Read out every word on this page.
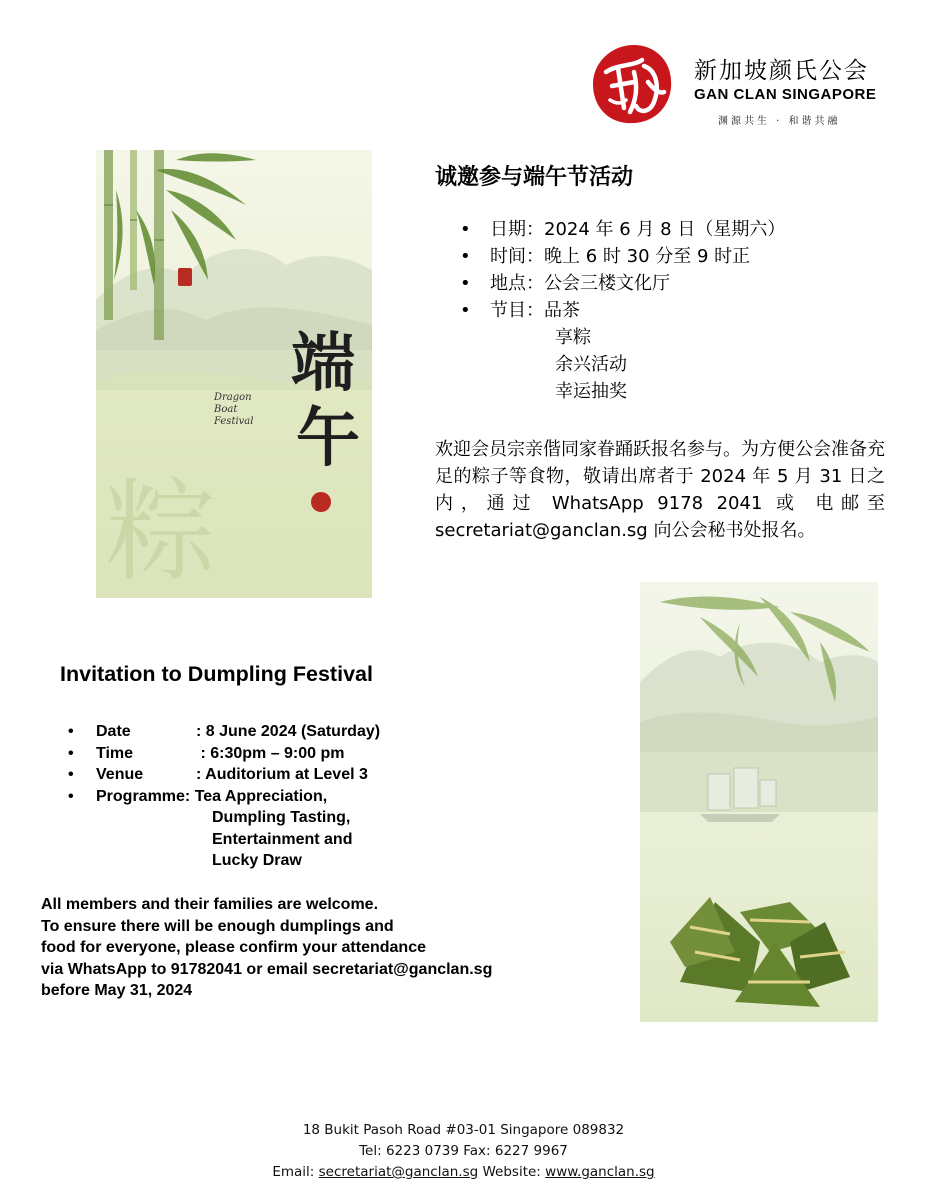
新加坡颜氏公会
GAN CLAN SINGAPORE
渊源共生 · 和谐共融
端
午
Dragon
Boat
Festival
粽
诚邀参与端午节活动
• 日期：2024 年 6 月 8 日（星期六）
• 时间：晚上 6 时 30 分至 9 时正
• 地点：公会三楼文化厅
• 节目：品茶
享粽
余兴活动
幸运抽奖

欢迎会员宗亲偕同家眷踊跃报名参与。为方便公会准备充足的粽子等食物，敬请出席者于 2024 年 5 月 31 日之内，通过 WhatsApp 9178 2041 或 电邮至 secretariat@ganclan.sg 向公会秘书处报名。

Invitation to Dumpling Festival
• Date	: 8 June 2024 (Saturday)
• Time	: 6:30pm – 9:00 pm
• Venue	: Auditorium at Level 3
• Programme: Tea Appreciation,
Dumpling Tasting,
Entertainment and
Lucky Draw
All members and their families are welcome.
To ensure there will be enough dumplings and
food for everyone, please confirm your attendance
via WhatsApp to 91782041 or email secretariat@ganclan.sg
before May 31, 2024
18 Bukit Pasoh Road #03-01 Singapore 089832
Tel: 6223 0739 Fax: 6227 9967
Email: secretariat@ganclan.sg Website: www.ganclan.sg
